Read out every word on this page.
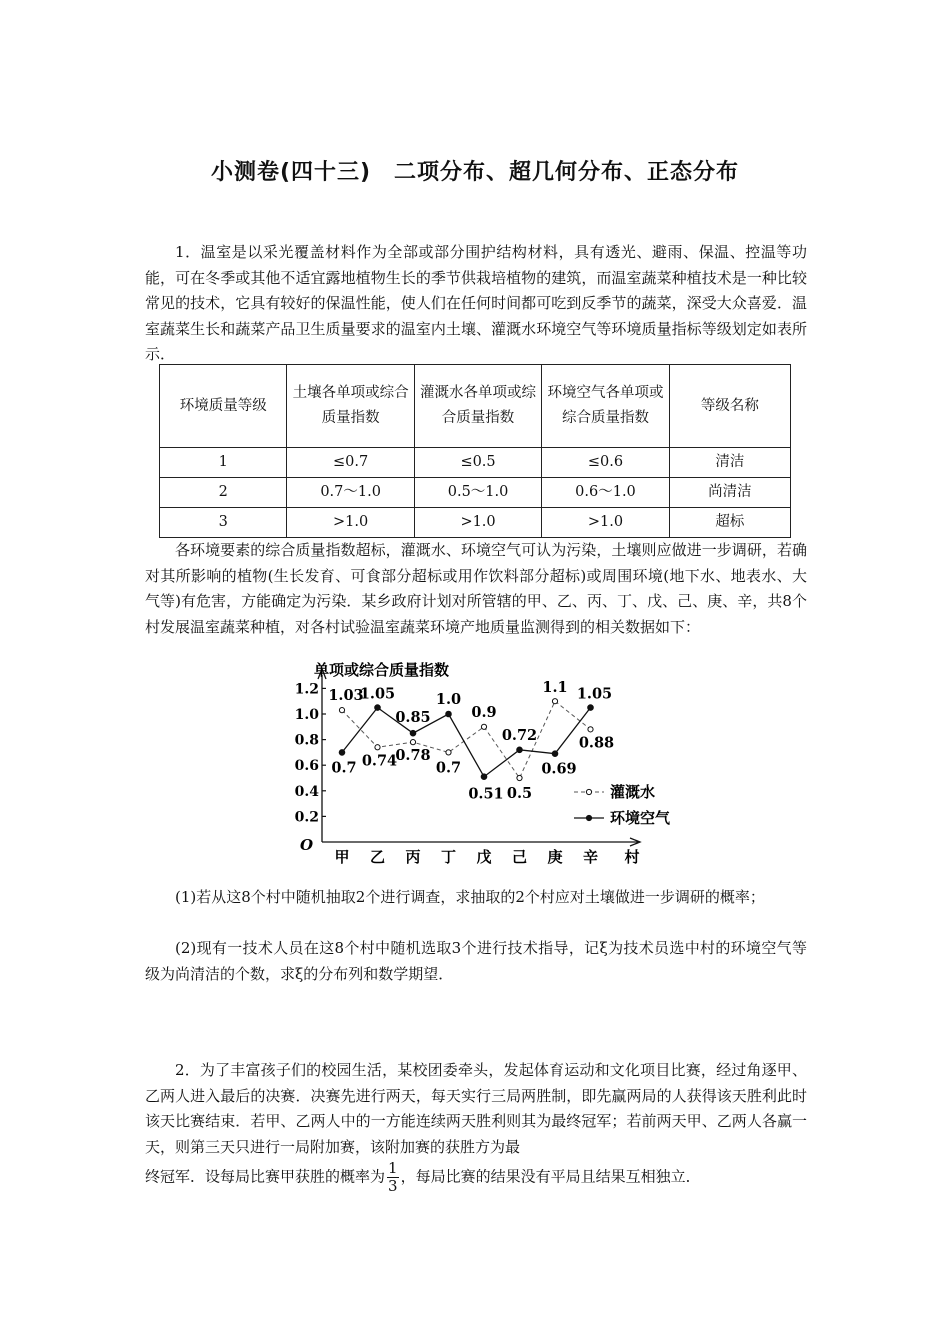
小测卷(四十三)　二项分布、超几何分布、正态分布

1．温室是以采光覆盖材料作为全部或部分围护结构材料，具有透光、避雨、保温、控温等功能，可在冬季或其他不适宜露地植物生长的季节供栽培植物的建筑，而温室蔬菜种植技术是一种比较常见的技术，它具有较好的保温性能，使人们在任何时间都可吃到反季节的蔬菜，深受大众喜爱．温室蔬菜生长和蔬菜产品卫生质量要求的温室内土壤、灌溉水环境空气等环境质量指标等级划定如表所示．

环境质量等级	土壤各单项或综合质量指数	灌溉水各单项或综合质量指数	环境空气各单项或综合质量指数	等级名称
1	≤0.7	≤0.5	≤0.6	清洁
2	0.7～1.0	0.5～1.0	0.6～1.0	尚清洁
3	>1.0	>1.0	>1.0	超标

各环境要素的综合质量指数超标，灌溉水、环境空气可认为污染，土壤则应做进一步调研，若确对其所影响的植物(生长发育、可食部分超标或用作饮料部分超标)或周围环境(地下水、地表水、大气等)有危害，方能确定为污染．某乡政府计划对所管辖的甲、乙、丙、丁、戊、己、庚、辛，共8个村发展温室蔬菜种植，对各村试验温室蔬菜环境产地质量监测得到的相关数据如下：

单项或综合质量指数
O
0.2
0.4
0.6
0.8
1.0
1.2
甲 乙 丙 丁 戊 己 庚 辛 村
1.03
0.74
0.78
0.7
0.9
0.5
1.1
0.88
0.7
1.05
0.85
1.0
0.51
0.72
0.69
1.05
灌溉水
环境空气

(1)若从这8个村中随机抽取2个进行调查，求抽取的2个村应对土壤做进一步调研的概率；

(2)现有一技术人员在这8个村中随机选取3个进行技术指导，记ξ为技术员选中村的环境空气等级为尚清洁的个数，求ξ的分布列和数学期望．

2．为了丰富孩子们的校园生活，某校团委牵头，发起体育运动和文化项目比赛，经过角逐甲、乙两人进入最后的决赛．决赛先进行两天，每天实行三局两胜制，即先赢两局的人获得该天胜利此时该天比赛结束．若甲、乙两人中的一方能连续两天胜利则其为最终冠军；若前两天甲、乙两人各赢一天，则第三天只进行一局附加赛，该附加赛的获胜方为最

终冠军．设每局比赛甲获胜的概率为 $\frac{1}{3}$ ，每局比赛的结果没有平局且结果互相独立．
